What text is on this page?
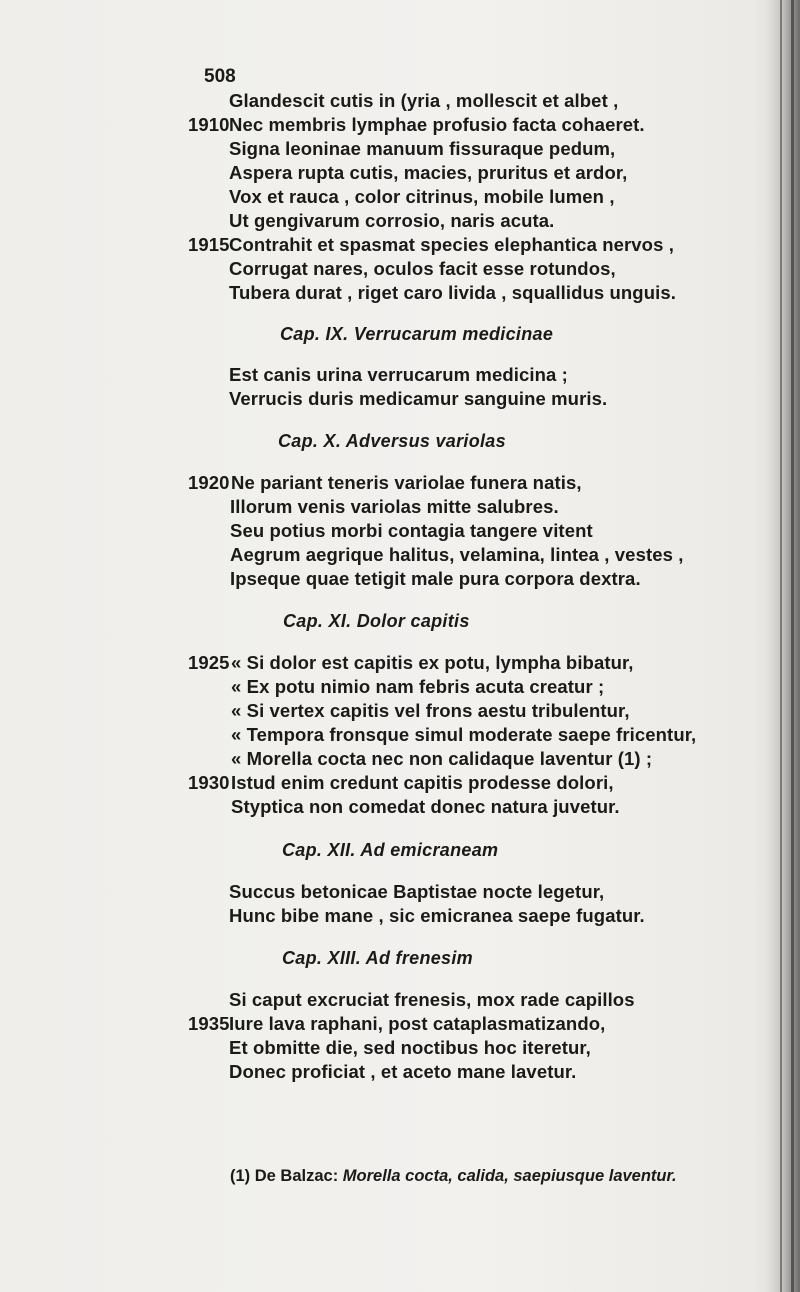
508
Glandescit cutis in (yria , mollescit et albet ,
1910Nec membris lymphae profusio facta cohaeret.
Signa leoninae manuum fissuraque pedum,
Aspera rupta cutis, macies, pruritus et ardor,
Vox et rauca , color citrinus, mobile lumen ,
Ut gengivarum corrosio, naris acuta.
1915Contrahit et spasmat species elephantica nervos ,
Corrugat nares, oculos facit esse rotundos,
Tubera durat , riget caro livida , squallidus unguis.
Cap. IX. Verrucarum medicinae
Est canis urina verrucarum medicina ;
Verrucis duris medicamur sanguine muris.
Cap. X. Adversus variolas
1920Ne pariant teneris variolae funera natis,
Illorum venis variolas mitte salubres.
Seu potius morbi contagia tangere vitent
Aegrum aegrique halitus, velamina, lintea , vestes ,
Ipseque quae tetigit male pura corpora dextra.
Cap. XI. Dolor capitis
1925« Si dolor est capitis ex potu, lympha bibatur,
« Ex potu nimio nam febris acuta creatur ;
« Si vertex capitis vel frons aestu tribulentur,
« Tempora fronsque simul moderate saepe fricentur,
« Morella cocta nec non calidaque laventur (1) ;
1930Istud enim credunt capitis prodesse dolori,
Styptica non comedat donec natura juvetur.
Cap. XII. Ad emicraneam
Succus betonicae Baptistae nocte legetur,
Hunc bibe mane , sic emicranea saepe fugatur.
Cap. XIII. Ad frenesim
Si caput excruciat frenesis, mox rade capillos
1935Iure lava raphani, post cataplasmatizando,
Et obmitte die, sed noctibus hoc iteretur,
Donec proficiat , et aceto mane lavetur.
(1) De Balzac: Morella cocta, calida, saepiusque laventur.
